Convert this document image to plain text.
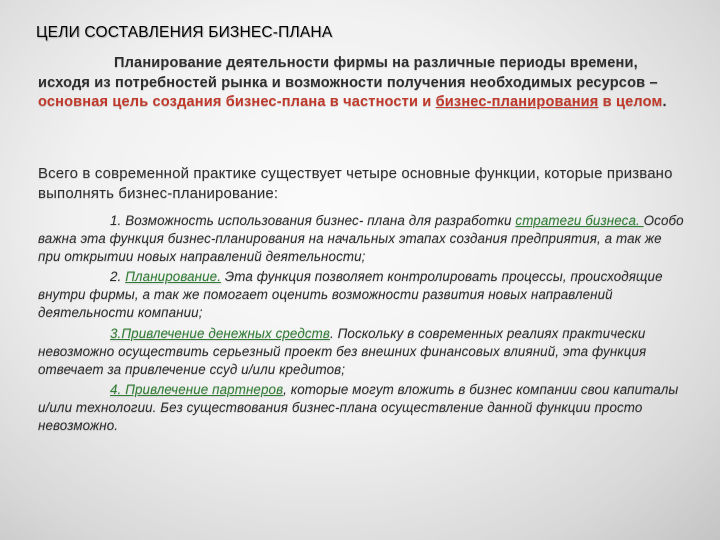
ЦЕЛИ СОСТАВЛЕНИЯ БИЗНЕС-ПЛАНА
Планирование деятельности фирмы на различные периоды времени, исходя из потребностей рынка и возможности получения необходимых ресурсов – основная цель создания бизнес-плана в частности и бизнес-планирования в целом.
Всего в современной практике существует четыре основные функции, которые призвано выполнять бизнес-планирование:
1. Возможность использования бизнес- плана для разработки стратеги бизнеса. Особо важна эта функция бизнес-планирования на начальных этапах создания предприятия, а так же при открытии новых направлений деятельности;
2. Планирование. Эта функция позволяет контролировать процессы, происходящие внутри фирмы, а так же помогает оценить возможности развития новых направлений деятельности компании;
3.Привлечение денежных средств. Поскольку в современных реалиях практически невозможно осуществить серьезный проект без внешних финансовых влияний, эта функция отвечает за привлечение ссуд и/или кредитов;
4. Привлечение партнеров, которые могут вложить в бизнес компании свои капиталы и/или технологии. Без существования бизнес-плана осуществление данной функции просто невозможно.
